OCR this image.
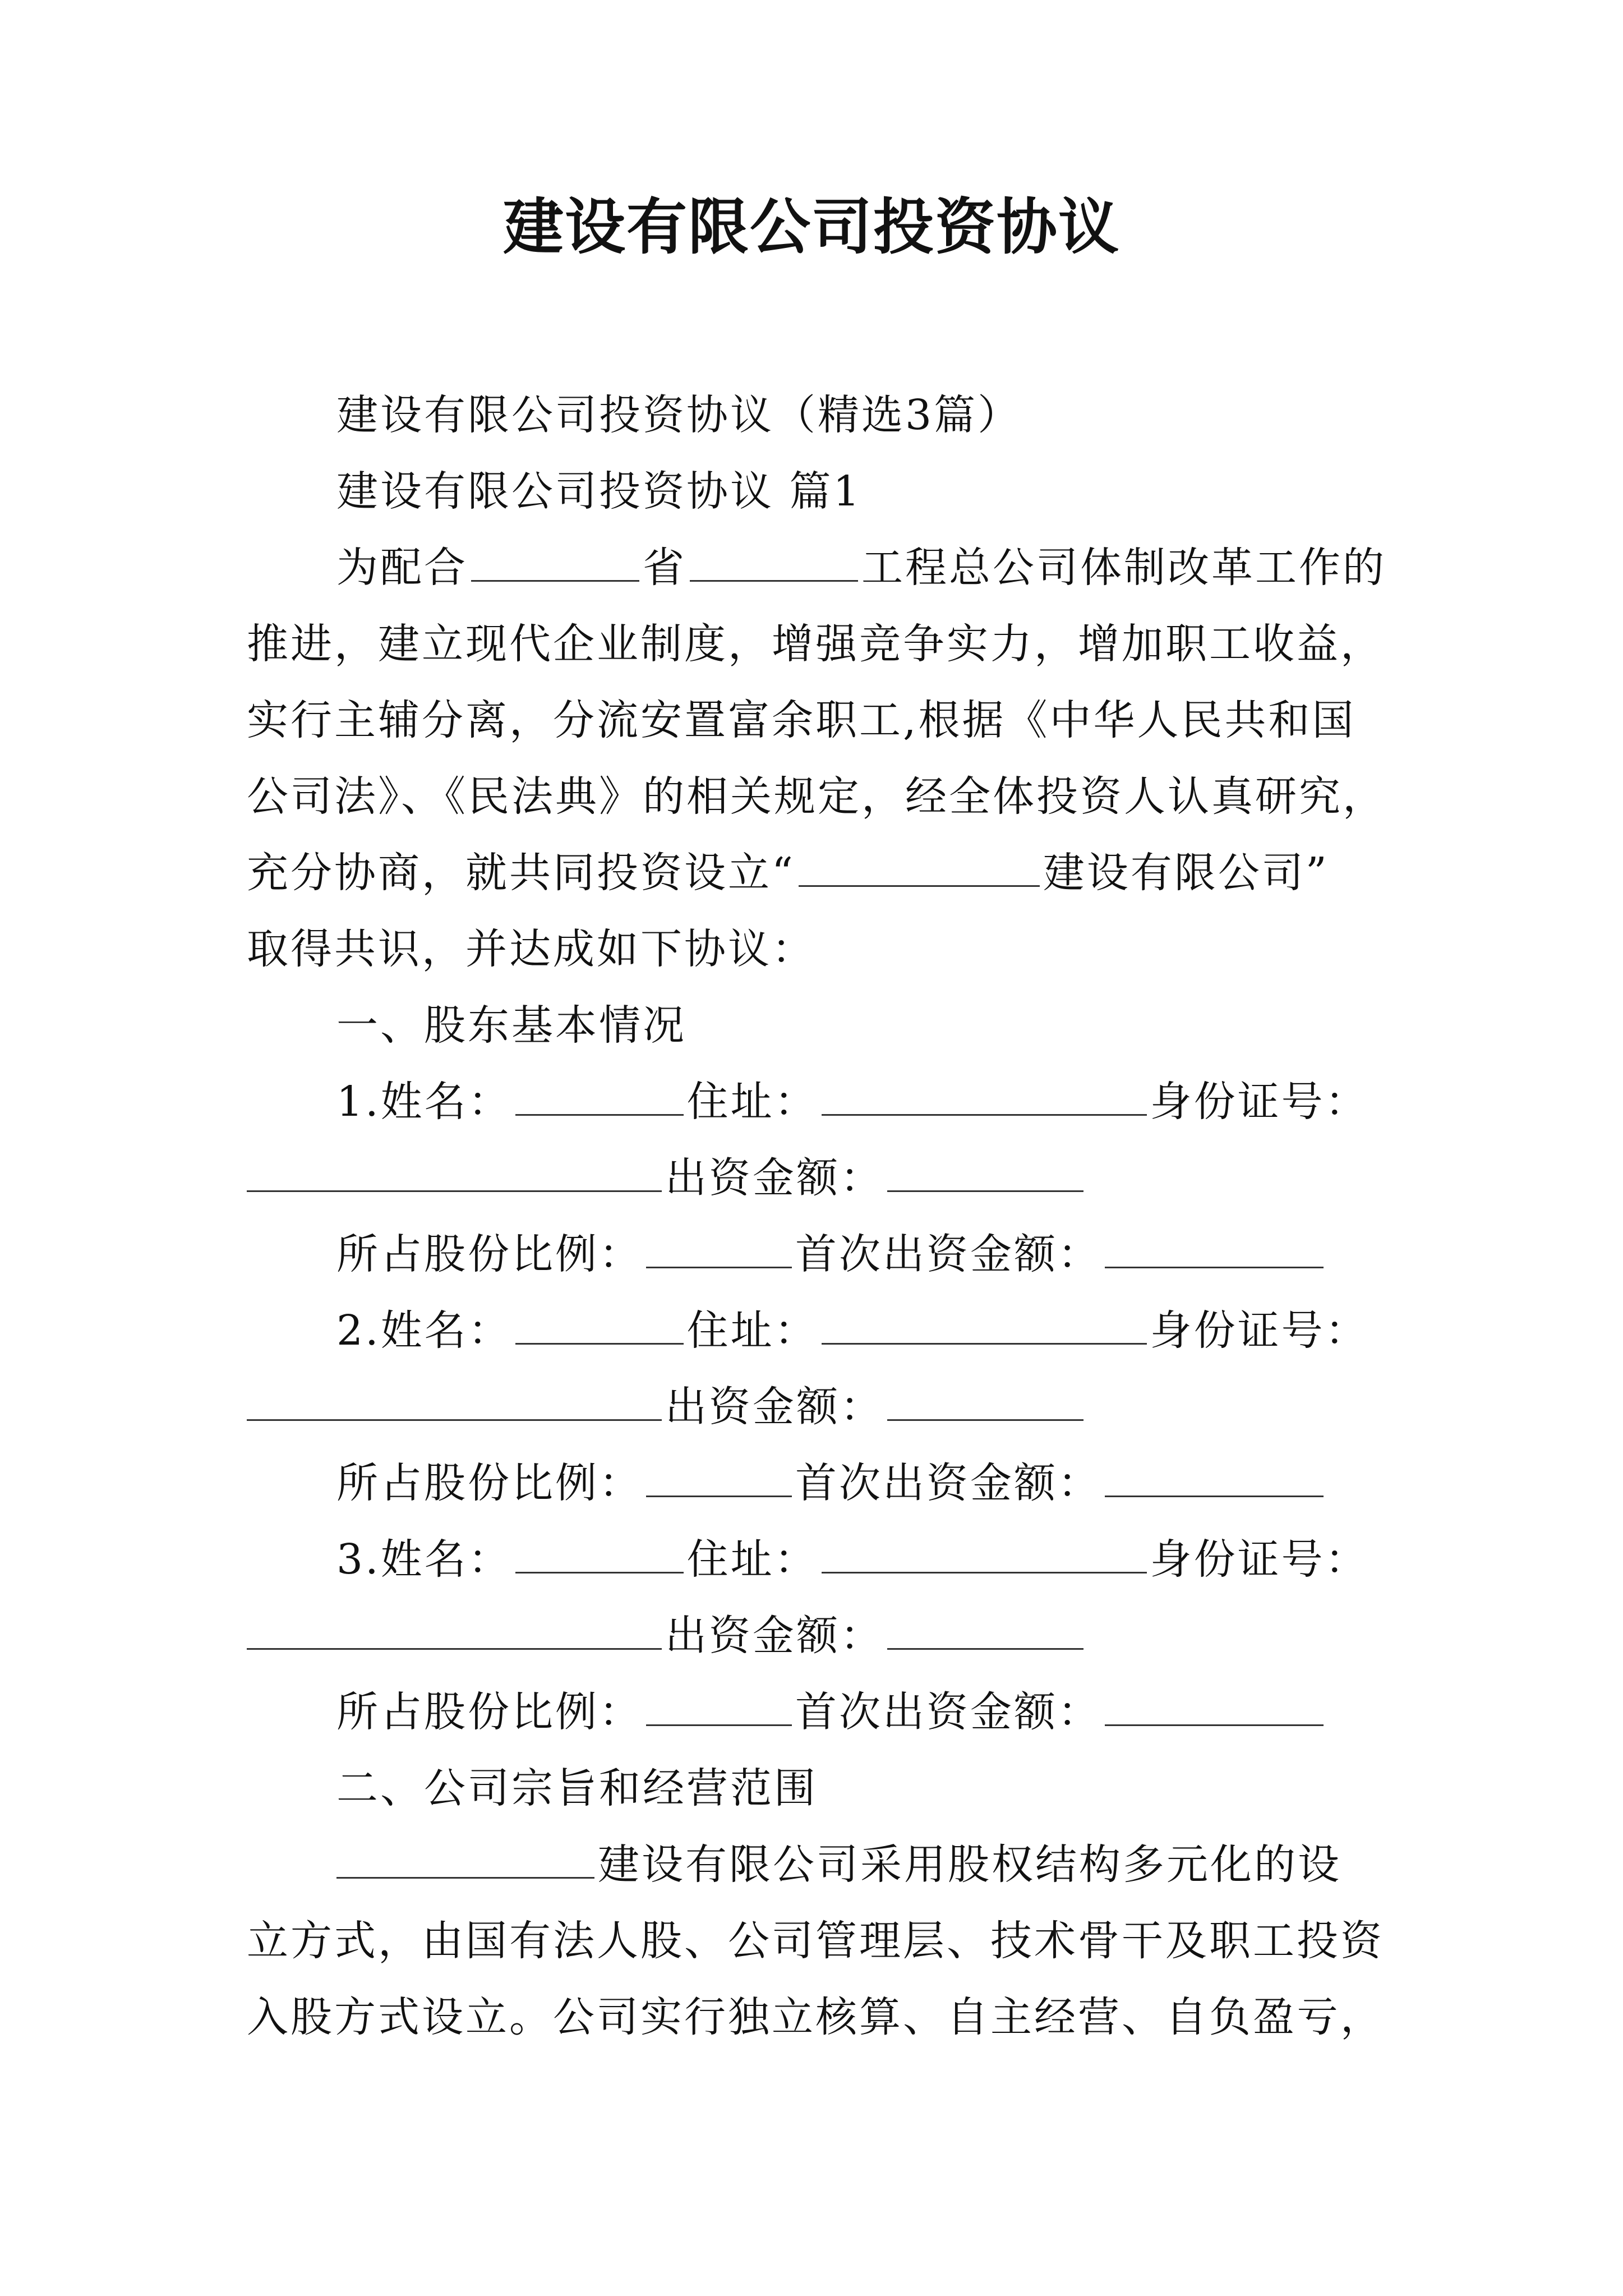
建设有限公司投资协议
建设有限公司投资协议（精选3篇）
建设有限公司投资协议 篇1
为配合	省	工程总公司体制改革工作的
推进，建立现代企业制度，增强竞争实力，增加职工收益，
实行主辅分离，分流安置富余职工,根据《中华人民共和国
公司法》、《民法典》的相关规定，经全体投资人认真研究，
充分协商，就共同投资设立“	建设有限公司”
取得共识，并达成如下协议：
一、股东基本情况
1.姓名：	住址：	身份证号：
出资金额：
所占股份比例：	首次出资金额：
2.姓名：	住址：	身份证号：
出资金额：
所占股份比例：	首次出资金额：
3.姓名：	住址：	身份证号：
出资金额：
所占股份比例：	首次出资金额：
二、公司宗旨和经营范围
建设有限公司采用股权结构多元化的设
立方式，由国有法人股、公司管理层、技术骨干及职工投资
入股方式设立。公司实行独立核算、自主经营、自负盈亏，
